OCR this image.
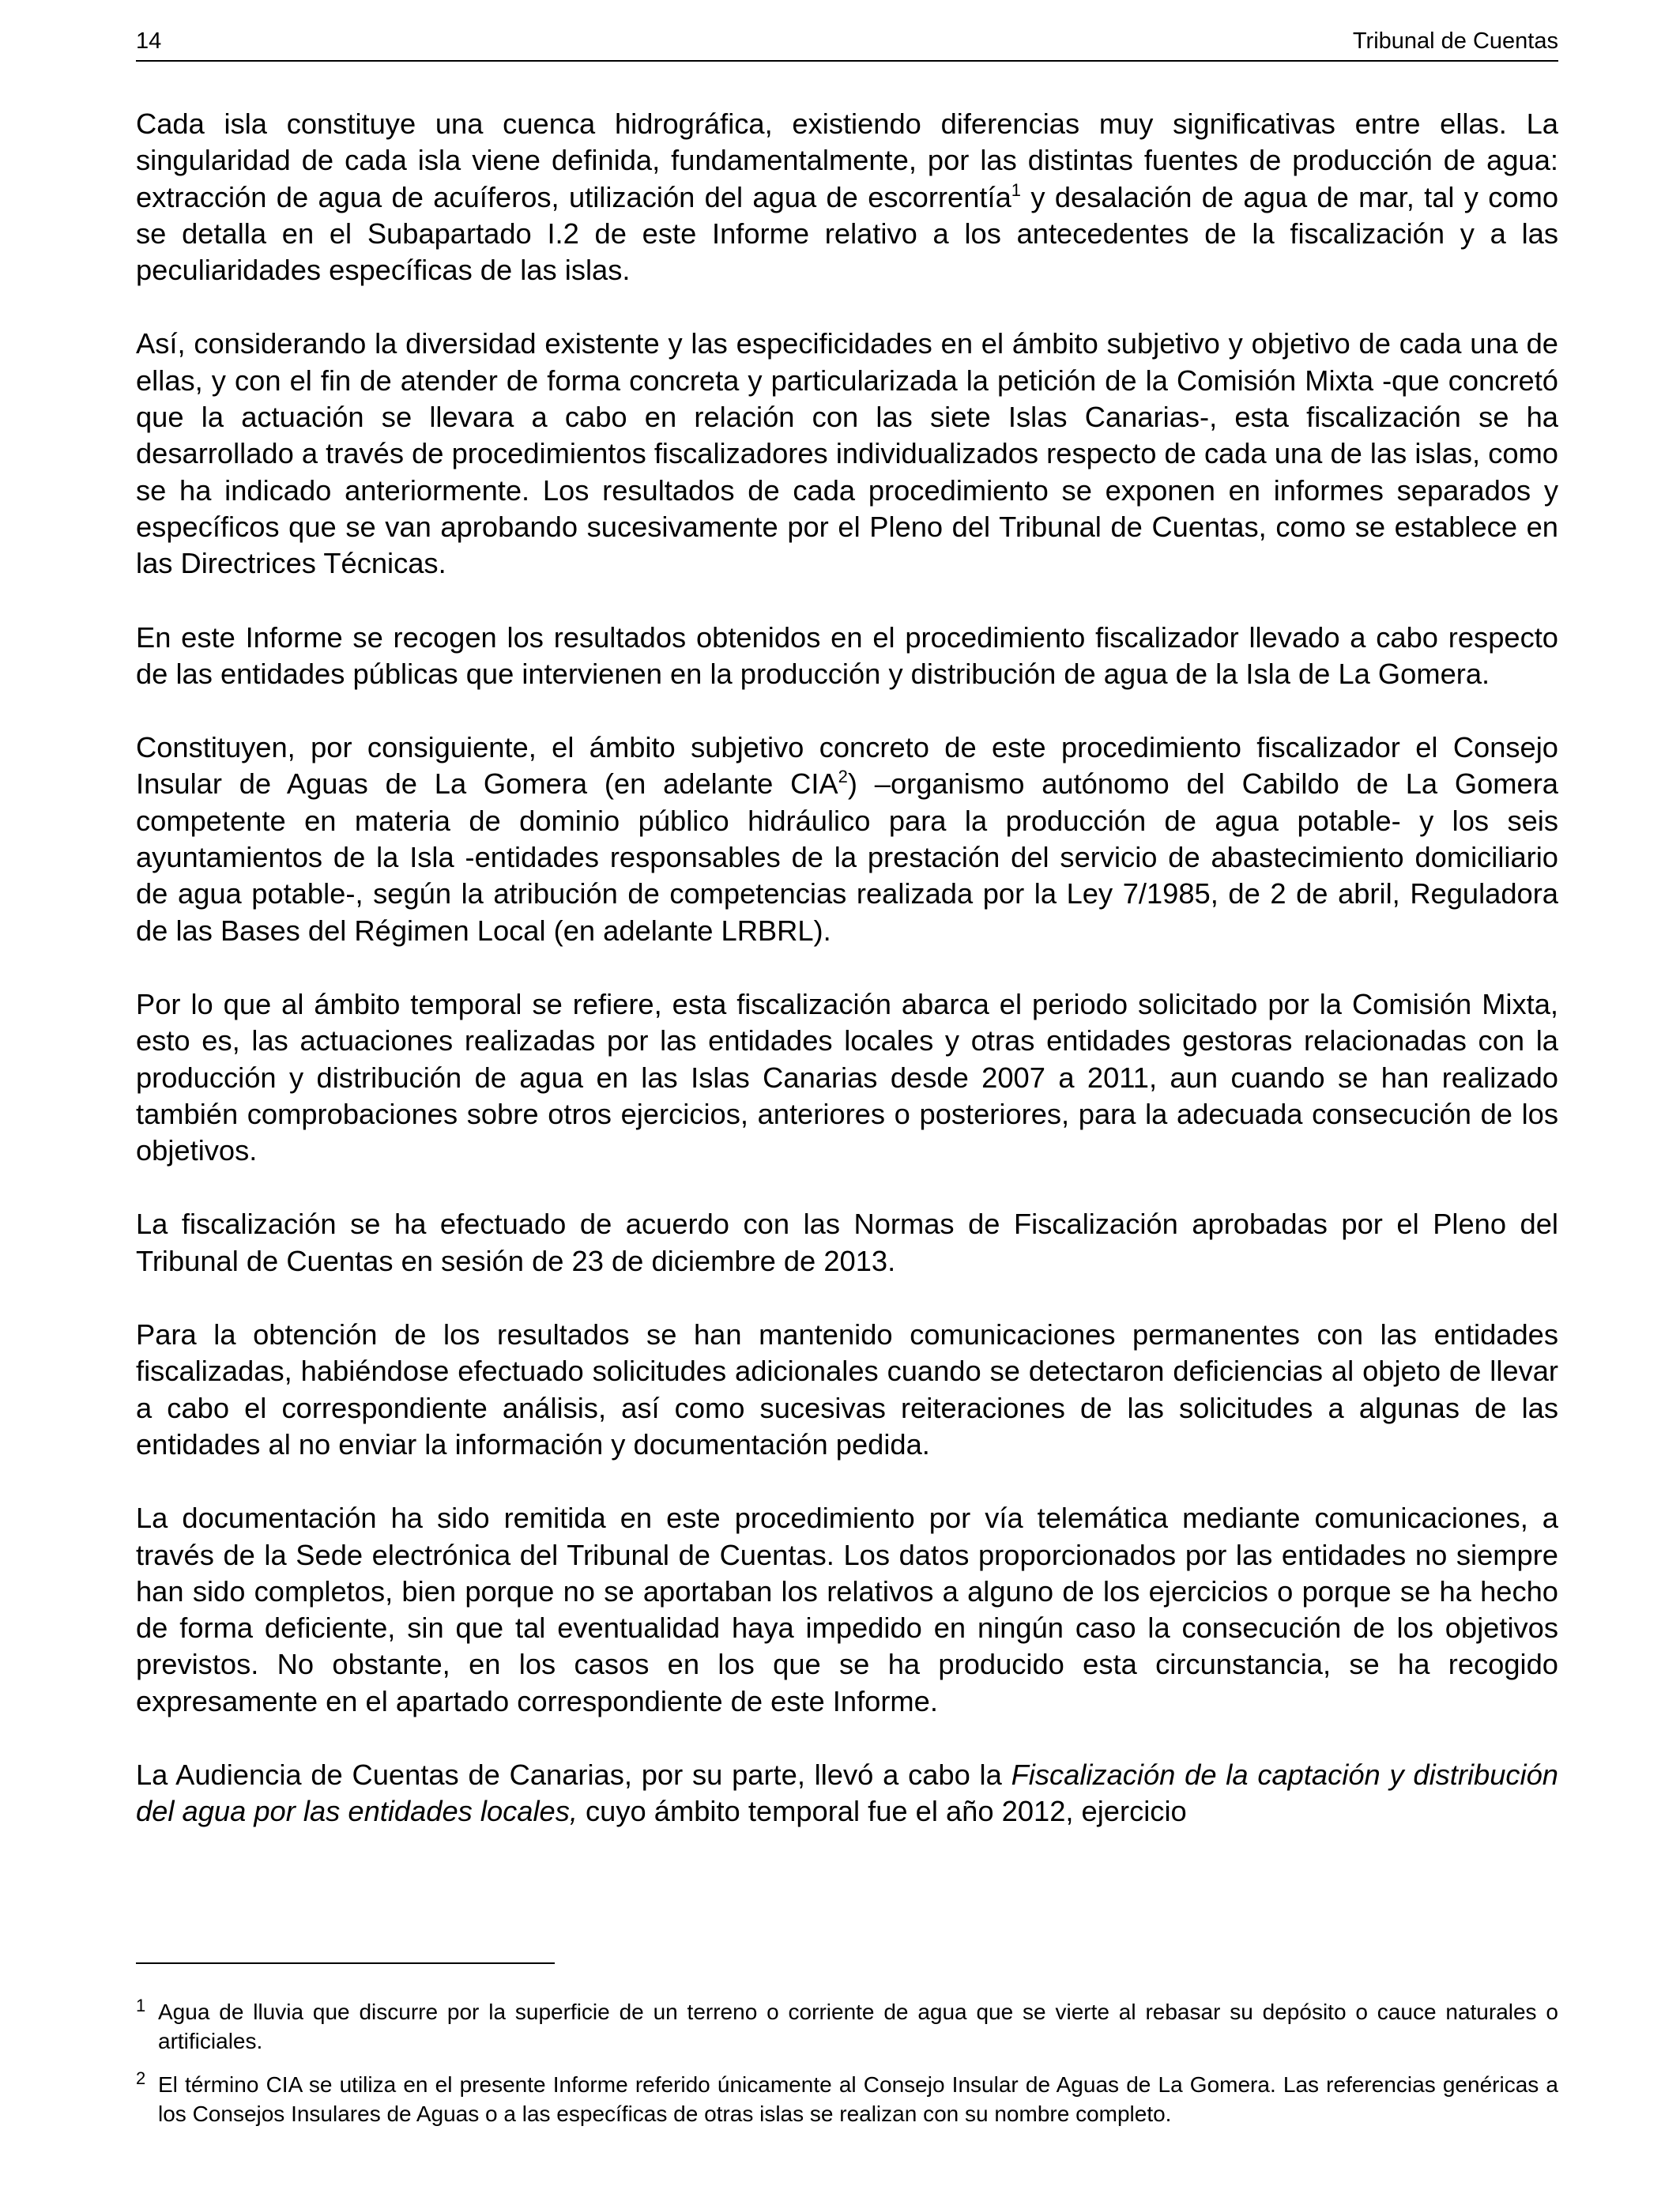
14	Tribunal de Cuentas

Cada isla constituye una cuenca hidrográfica, existiendo diferencias muy significativas entre ellas. La singularidad de cada isla viene definida, fundamentalmente, por las distintas fuentes de producción de agua: extracción de agua de acuíferos, utilización del agua de escorrentía$^1$ y desalación de agua de mar, tal y como se detalla en el Subapartado I.2 de este Informe relativo a los antecedentes de la fiscalización y a las peculiaridades específicas de las islas.

Así, considerando la diversidad existente y las especificidades en el ámbito subjetivo y objetivo de cada una de ellas, y con el fin de atender de forma concreta y particularizada la petición de la Comisión Mixta -que concretó que la actuación se llevara a cabo en relación con las siete Islas Canarias-, esta fiscalización se ha desarrollado a través de procedimientos fiscalizadores individualizados respecto de cada una de las islas, como se ha indicado anteriormente. Los resultados de cada procedimiento se exponen en informes separados y específicos que se van aprobando sucesivamente por el Pleno del Tribunal de Cuentas, como se establece en las Directrices Técnicas.

En este Informe se recogen los resultados obtenidos en el procedimiento fiscalizador llevado a cabo respecto de las entidades públicas que intervienen en la producción y distribución de agua de la Isla de La Gomera.

Constituyen, por consiguiente, el ámbito subjetivo concreto de este procedimiento fiscalizador el Consejo Insular de Aguas de La Gomera (en adelante CIA$^2$) –organismo autónomo del Cabildo de La Gomera competente en materia de dominio público hidráulico para la producción de agua potable- y los seis ayuntamientos de la Isla -entidades responsables de la prestación del servicio de abastecimiento domiciliario de agua potable-, según la atribución de competencias realizada por la Ley 7/1985, de 2 de abril, Reguladora de las Bases del Régimen Local (en adelante LRBRL).

Por lo que al ámbito temporal se refiere, esta fiscalización abarca el periodo solicitado por la Comisión Mixta, esto es, las actuaciones realizadas por las entidades locales y otras entidades gestoras relacionadas con la producción y distribución de agua en las Islas Canarias desde 2007 a 2011, aun cuando se han realizado también comprobaciones sobre otros ejercicios, anteriores o posteriores, para la adecuada consecución de los objetivos.

La fiscalización se ha efectuado de acuerdo con las Normas de Fiscalización aprobadas por el Pleno del Tribunal de Cuentas en sesión de 23 de diciembre de 2013.

Para la obtención de los resultados se han mantenido comunicaciones permanentes con las entidades fiscalizadas, habiéndose efectuado solicitudes adicionales cuando se detectaron deficiencias al objeto de llevar a cabo el correspondiente análisis, así como sucesivas reiteraciones de las solicitudes a algunas de las entidades al no enviar la información y documentación pedida.

La documentación ha sido remitida en este procedimiento por vía telemática mediante comunicaciones, a través de la Sede electrónica del Tribunal de Cuentas. Los datos proporcionados por las entidades no siempre han sido completos, bien porque no se aportaban los relativos a alguno de los ejercicios o porque se ha hecho de forma deficiente, sin que tal eventualidad haya impedido en ningún caso la consecución de los objetivos previstos. No obstante, en los casos en los que se ha producido esta circunstancia, se ha recogido expresamente en el apartado correspondiente de este Informe.

La Audiencia de Cuentas de Canarias, por su parte, llevó a cabo la Fiscalización de la captación y distribución del agua por las entidades locales, cuyo ámbito temporal fue el año 2012, ejercicio

1 Agua de lluvia que discurre por la superficie de un terreno o corriente de agua que se vierte al rebasar su depósito o cauce naturales o artificiales.
2 El término CIA se utiliza en el presente Informe referido únicamente al Consejo Insular de Aguas de La Gomera. Las referencias genéricas a los Consejos Insulares de Aguas o a las específicas de otras islas se realizan con su nombre completo.
